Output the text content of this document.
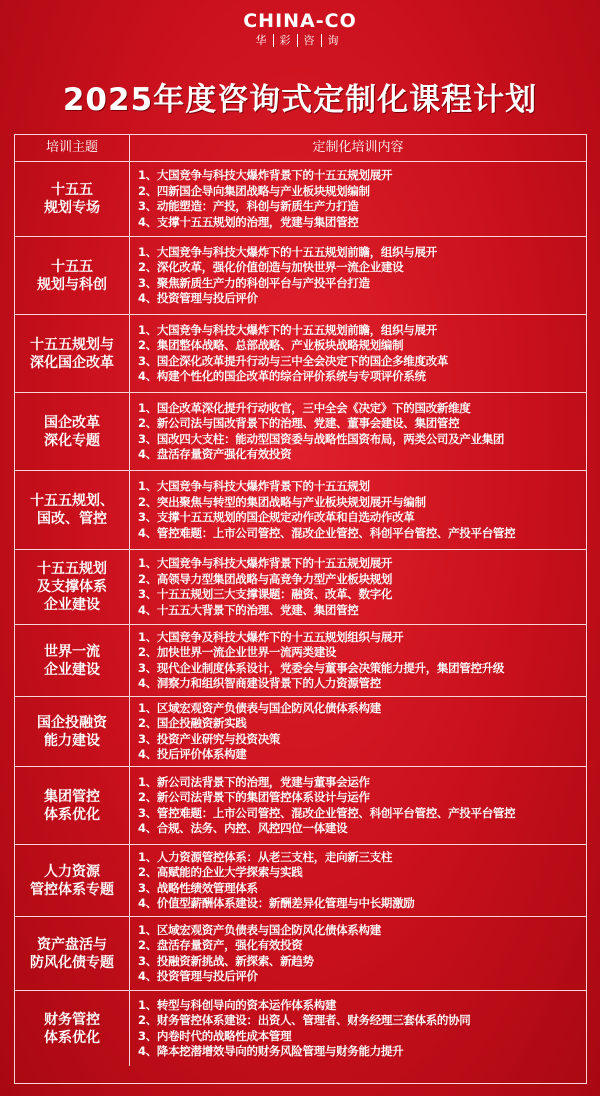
CHINA-CO
华 彩 咨 询
2025年度咨询式定制化课程计划
培训主题	定制化培训内容
十五五
规划专场
1、大国竞争与科技大爆炸背景下的十五五规划展开
2、四新国企导向集团战略与产业板块规划编制
3、动能塑造：产投，科创与新质生产力打造
4、支撑十五五规划的治理，党建与集团管控
十五五
规划与科创
1、大国竞争与科技大爆炸下的十五五规划前瞻，组织与展开
2、深化改革，强化价值创造与加快世界一流企业建设
3、聚焦新质生产力的科创平台与产投平台打造
4、投资管理与投后评价
十五五规划与
深化国企改革
1、大国竞争与科技大爆炸下的十五五规划前瞻，组织与展开
2、集团整体战略、总部战略、产业板块战略规划编制
3、国企深化改革提升行动与三中全会决定下的国企多维度改革
4、构建个性化的国企改革的综合评价系统与专项评价系统
国企改革
深化专题
1、国企改革深化提升行动收官，三中全会《决定》下的国改新维度
2、新公司法与国改背景下的治理、党建、董事会建设、集团管控
3、国改四大支柱：能动型国资委与战略性国资布局，两类公司及产业集团
4、盘活存量资产强化有效投资
十五五规划、
国改、管控
1、大国竞争与科技大爆炸背景下的十五五规划
2、突出聚焦与转型的集团战略与产业板块规划展开与编制
3、支撑十五五规划的国企规定动作改革和自选动作改革
4、管控难题：上市公司管控、混改企业管控、科创平台管控、产投平台管控
十五五规划
及支撑体系
企业建设
1、大国竞争与科技大爆炸背景下的十五五规划展开
2、高领导力型集团战略与高竞争力型产业板块规划
3、十五五规划三大支撑课题：融资、改革、数字化
4、十五五大背景下的治理、党建、集团管控
世界一流
企业建设
1、大国竞争及科技大爆炸下的十五五规划组织与展开
2、加快世界一流企业世界一流两类建设
3、现代企业制度体系设计，党委会与董事会决策能力提升，集团管控升级
4、洞察力和组织智商建设背景下的人力资源管控
国企投融资
能力建设
1、区域宏观资产负债表与国企防风化债体系构建
2、国企投融资新实践
3、投资产业研究与投资决策
4、投后评价体系构建
集团管控
体系优化
1、新公司法背景下的治理，党建与董事会运作
2、新公司法背景下的集团管控体系设计与运作
3、管控难题：上市公司管控、混改企业管控、科创平台管控、产投平台管控
4、合规、法务、内控、风控四位一体建设
人力资源
管控体系专题
1、人力资源管控体系：从老三支柱，走向新三支柱
2、高赋能的企业大学探索与实践
3、战略性绩效管理体系
4、价值型薪酬体系建设：新酬差异化管理与中长期激励
资产盘活与
防风化债专题
1、区域宏观资产负债表与国企防风化债体系构建
2、盘活存量资产，强化有效投资
3、投融资新挑战、新探索、新趋势
4、投资管理与投后评价
财务管控
体系优化
1、转型与科创导向的资本运作体系构建
2、财务管控体系建设：出资人、管理者、财务经理三套体系的协同
3、内卷时代的战略性成本管理
4、降本挖潜增效导向的财务风险管理与财务能力提升
